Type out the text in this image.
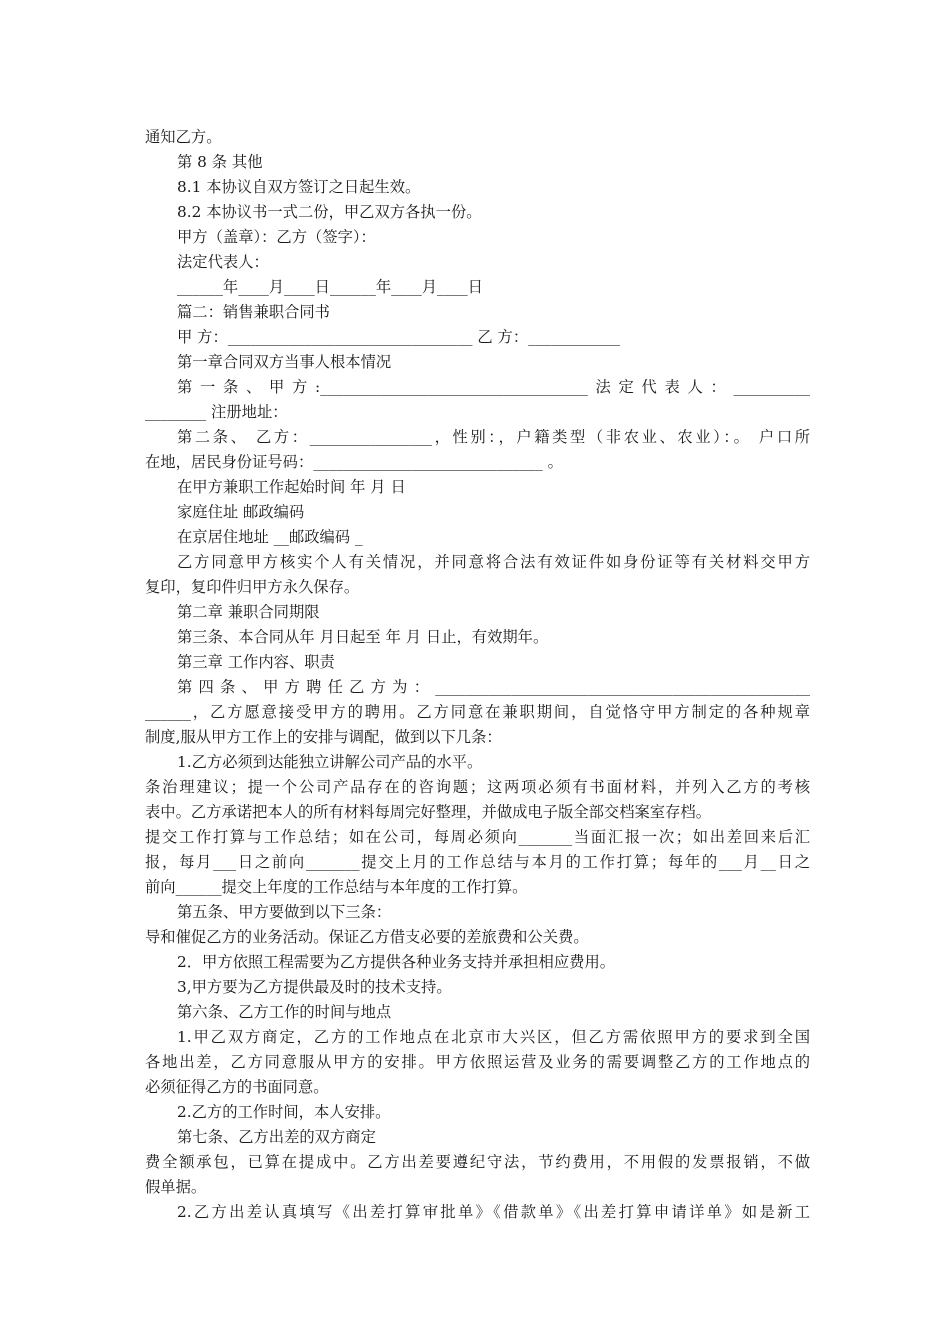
通知乙方。
第 8 条 其他
8.1 本协议自双方签订之日起生效。
8.2 本协议书一式二份，甲乙双方各执一份。
甲方（盖章）：乙方（签字）：
法定代表人：
______年____月____日______年____月____日
篇二：销售兼职合同书
甲 方：________________________________ 乙 方：____________
第一章合同双方当事人根本情况
第一条、甲方:___________________________________法定代表人：__________
________ 注册地址：
第二条、 乙方：________________，性别：，户籍类型（非农业、农业）：。 户口所
在地，居民身份证号码：______________________________ 。
在甲方兼职工作起始时间 年 月 日
家庭住址 邮政编码
在京居住地址 __邮政编码 _
乙方同意甲方核实个人有关情况，并同意将合法有效证件如身份证等有关材料交甲方
复印，复印件归甲方永久保存。
第二章 兼职合同期限
第三条、本合同从年 月日起至 年 月 日止，有效期年。
第三章 工作内容、职责
第四条、甲方聘任乙方为：_________________________________________________
______，乙方愿意接受甲方的聘用。乙方同意在兼职期间，自觉恪守甲方制定的各种规章
制度,服从甲方工作上的安排与调配，做到以下几条：
1.乙方必须到达能独立讲解公司产品的水平。
条治理建议；提一个公司产品存在的咨询题；这两项必须有书面材料，并列入乙方的考核
表中。乙方承诺把本人的所有材料每周完好整理，并做成电子版全部交档案室存档。
提交工作打算与工作总结；如在公司，每周必须向_______当面汇报一次；如出差回来后汇
报，每月___日之前向_______提交上月的工作总结与本月的工作打算；每年的___月__日之
前向______提交上年度的工作总结与本年度的工作打算。
第五条、甲方要做到以下三条：
导和催促乙方的业务活动。保证乙方借支必要的差旅费和公关费。
2．甲方依照工程需要为乙方提供各种业务支持并承担相应费用。
3,甲方要为乙方提供最及时的技术支持。
第六条、乙方工作的时间与地点
1.甲乙双方商定，乙方的工作地点在北京市大兴区，但乙方需依照甲方的要求到全国
各地出差，乙方同意服从甲方的安排。甲方依照运营及业务的需要调整乙方的工作地点的
必须征得乙方的书面同意。
2.乙方的工作时间，本人安排。
第七条、乙方出差的双方商定
费全额承包，已算在提成中。乙方出差要遵纪守法，节约费用，不用假的发票报销，不做
假单据。
2.乙方出差认真填写《出差打算审批单》《借款单》《出差打算申请详单》如是新工
